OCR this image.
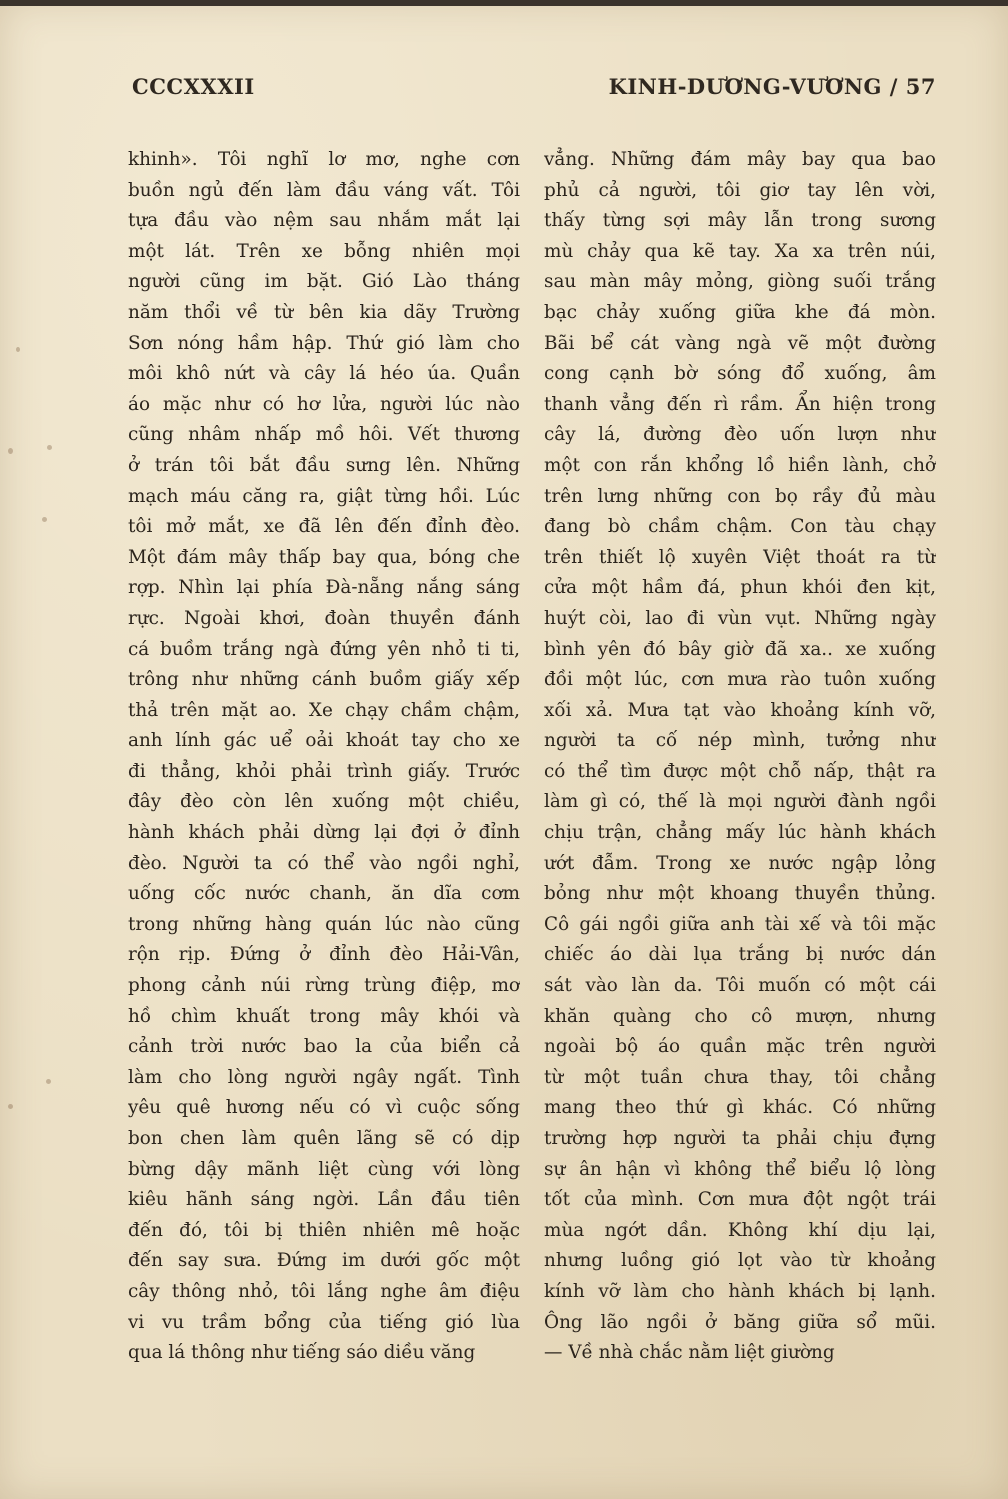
CCCXXXII	KINH-DƯƠNG-VƯƠNG / 57
khinh». Tôi nghĩ lơ mơ, nghe cơn
buồn ngủ đến làm đầu váng vất. Tôi
tựa đầu vào nệm sau nhắm mắt lại
một lát. Trên xe bỗng nhiên mọi
người cũng im bặt. Gió Lào tháng
năm thổi về từ bên kia dãy Trường
Sơn nóng hầm hập. Thứ gió làm cho
môi khô nứt và cây lá héo úa. Quần
áo mặc như có hơ lửa, người lúc nào
cũng nhâm nhấp mồ hôi. Vết thương
ở trán tôi bắt đầu sưng lên. Những
mạch máu căng ra, giật từng hồi. Lúc
tôi mở mắt, xe đã lên đến đỉnh đèo.
Một đám mây thấp bay qua, bóng che
rợp. Nhìn lại phía Đà-nẵng nắng sáng
rực. Ngoài khơi, đoàn thuyền đánh
cá buồm trắng ngà đứng yên nhỏ ti ti,
trông như những cánh buồm giấy xếp
thả trên mặt ao. Xe chạy chầm chậm,
anh lính gác uể oải khoát tay cho xe
đi thẳng, khỏi phải trình giấy. Trước
đây đèo còn lên xuống một chiều,
hành khách phải dừng lại đợi ở đỉnh
đèo. Người ta có thể vào ngồi nghỉ,
uống cốc nước chanh, ăn dĩa cơm
trong những hàng quán lúc nào cũng
rộn rịp. Đứng ở đỉnh đèo Hải-Vân,
phong cảnh núi rừng trùng điệp, mơ
hồ chìm khuất trong mây khói và
cảnh trời nước bao la của biển cả
làm cho lòng người ngây ngất. Tình
yêu quê hương nếu có vì cuộc sống
bon chen làm quên lãng sẽ có dịp
bừng dậy mãnh liệt cùng với lòng
kiêu hãnh sáng ngời. Lần đầu tiên
đến đó, tôi bị thiên nhiên mê hoặc
đến say sưa. Đứng im dưới gốc một
cây thông nhỏ, tôi lắng nghe âm điệu
vi vu trầm bổng của tiếng gió lùa
qua lá thông như tiếng sáo diều văng
vẳng. Những đám mây bay qua bao
phủ cả người, tôi giơ tay lên vời,
thấy từng sợi mây lẫn trong sương
mù chảy qua kẽ tay. Xa xa trên núi,
sau màn mây mỏng, giòng suối trắng
bạc chảy xuống giữa khe đá mòn.
Bãi bể cát vàng ngà vẽ một đường
cong cạnh bờ sóng đổ xuống, âm
thanh vẳng đến rì rầm. Ẩn hiện trong
cây lá, đường đèo uốn lượn như
một con rắn khổng lồ hiền lành, chở
trên lưng những con bọ rầy đủ màu
đang bò chầm chậm. Con tàu chạy
trên thiết lộ xuyên Việt thoát ra từ
cửa một hầm đá, phun khói đen kịt,
huýt còi, lao đi vùn vụt. Những ngày
bình yên đó bây giờ đã xa.. xe xuống
đồi một lúc, cơn mưa rào tuôn xuống
xối xả. Mưa tạt vào khoảng kính vỡ,
người ta cố nép mình, tưởng như
có thể tìm được một chỗ nấp, thật ra
làm gì có, thế là mọi người đành ngồi
chịu trận, chẳng mấy lúc hành khách
ướt đẫm. Trong xe nước ngập lỏng
bỏng như một khoang thuyền thủng.
Cô gái ngồi giữa anh tài xế và tôi mặc
chiếc áo dài lụa trắng bị nước dán
sát vào làn da. Tôi muốn có một cái
khăn quàng cho cô mượn, nhưng
ngoài bộ áo quần mặc trên người
từ một tuần chưa thay, tôi chẳng
mang theo thứ gì khác. Có những
trường hợp người ta phải chịu đựng
sự ân hận vì không thể biểu lộ lòng
tốt của mình. Cơn mưa đột ngột trái
mùa ngớt dần. Không khí dịu lại,
nhưng luồng gió lọt vào từ khoảng
kính vỡ làm cho hành khách bị lạnh.
Ông lão ngồi ở băng giữa sổ mũi.
— Về nhà chắc nằm liệt giường
